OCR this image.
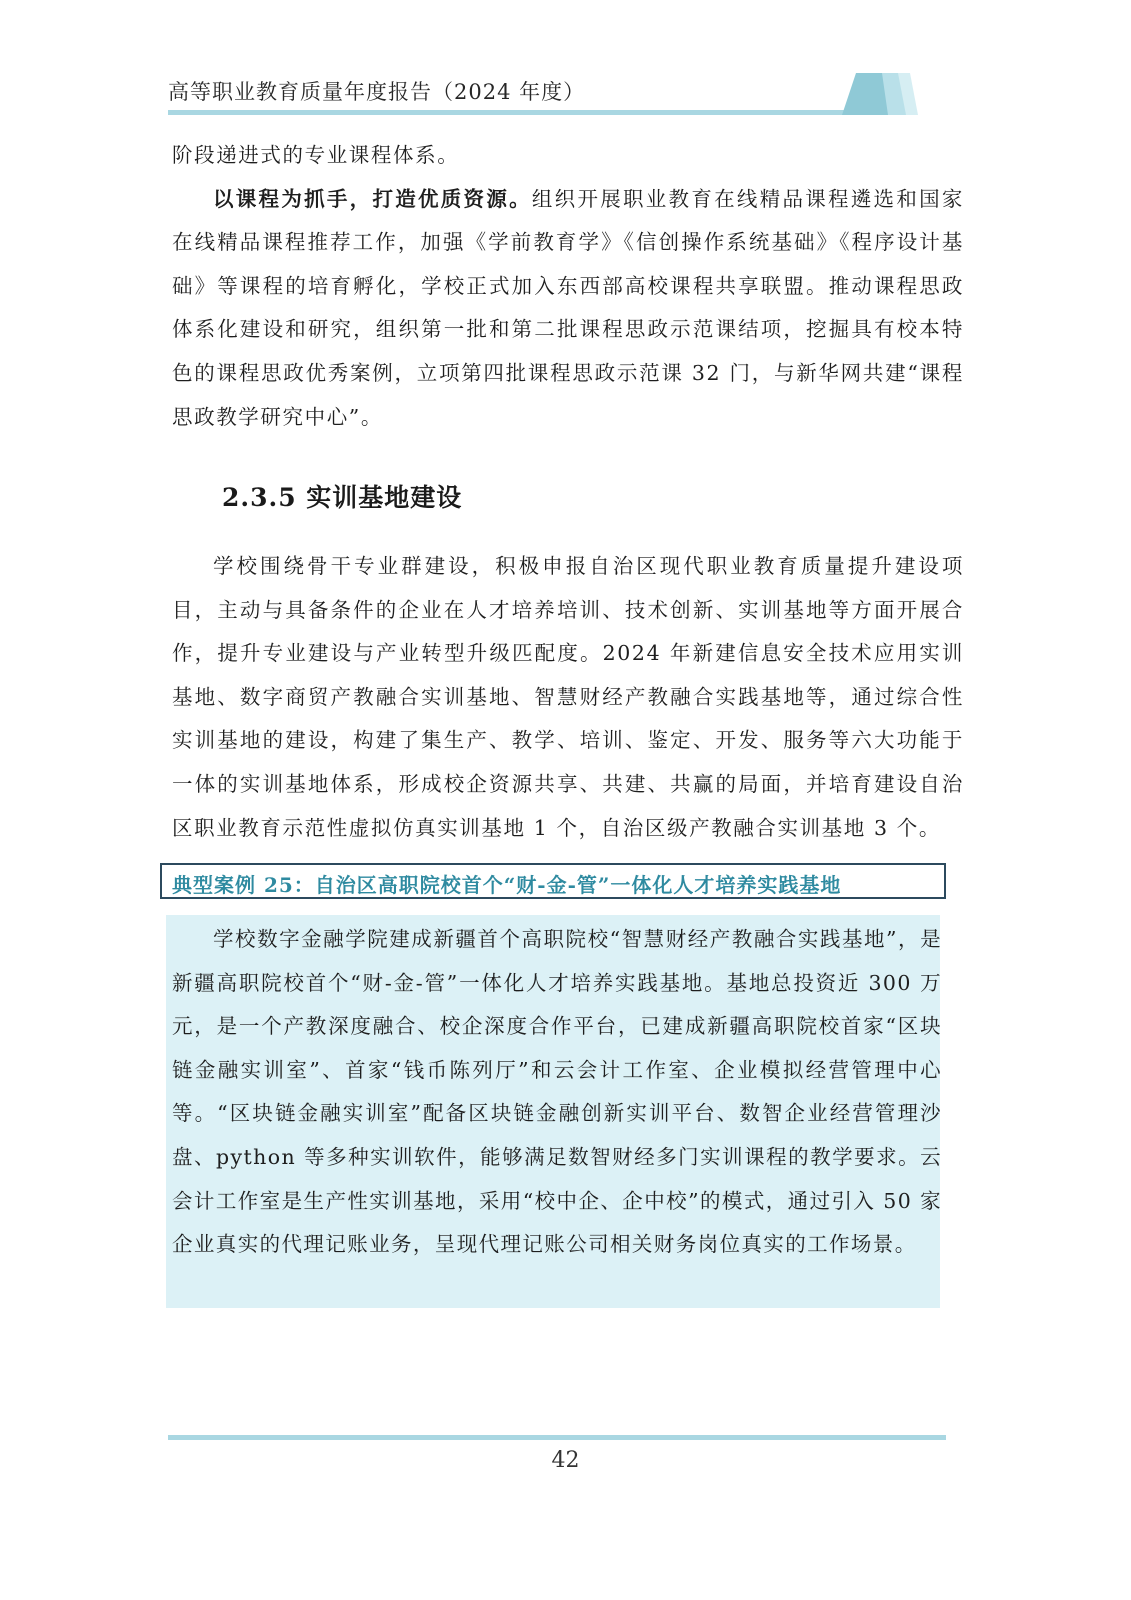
高等职业教育质量年度报告（2024 年度）

阶段递进式的专业课程体系。

以课程为抓手，打造优质资源。组织开展职业教育在线精品课程遴选和国家在线精品课程推荐工作，加强《学前教育学》《信创操作系统基础》《程序设计基础》等课程的培育孵化，学校正式加入东西部高校课程共享联盟。推动课程思政体系化建设和研究，组织第一批和第二批课程思政示范课结项，挖掘具有校本特色的课程思政优秀案例，立项第四批课程思政示范课 32 门，与新华网共建“课程思政教学研究中心”。

2.3.5 实训基地建设

学校围绕骨干专业群建设，积极申报自治区现代职业教育质量提升建设项目，主动与具备条件的企业在人才培养培训、技术创新、实训基地等方面开展合作，提升专业建设与产业转型升级匹配度。2024 年新建信息安全技术应用实训基地、数字商贸产教融合实训基地、智慧财经产教融合实践基地等，通过综合性实训基地的建设，构建了集生产、教学、培训、鉴定、开发、服务等六大功能于一体的实训基地体系，形成校企资源共享、共建、共赢的局面，并培育建设自治区职业教育示范性虚拟仿真实训基地 1 个，自治区级产教融合实训基地 3 个。

典型案例 25：自治区高职院校首个“财-金-管”一体化人才培养实践基地

学校数字金融学院建成新疆首个高职院校“智慧财经产教融合实践基地”，是新疆高职院校首个“财-金-管”一体化人才培养实践基地。基地总投资近 300 万元，是一个产教深度融合、校企深度合作平台，已建成新疆高职院校首家“区块链金融实训室”、首家“钱币陈列厅”和云会计工作室、企业模拟经营管理中心等。“区块链金融实训室”配备区块链金融创新实训平台、数智企业经营管理沙盘、python 等多种实训软件，能够满足数智财经多门实训课程的教学要求。云会计工作室是生产性实训基地，采用“校中企、企中校”的模式，通过引入 50 家企业真实的代理记账业务，呈现代理记账公司相关财务岗位真实的工作场景。

42
